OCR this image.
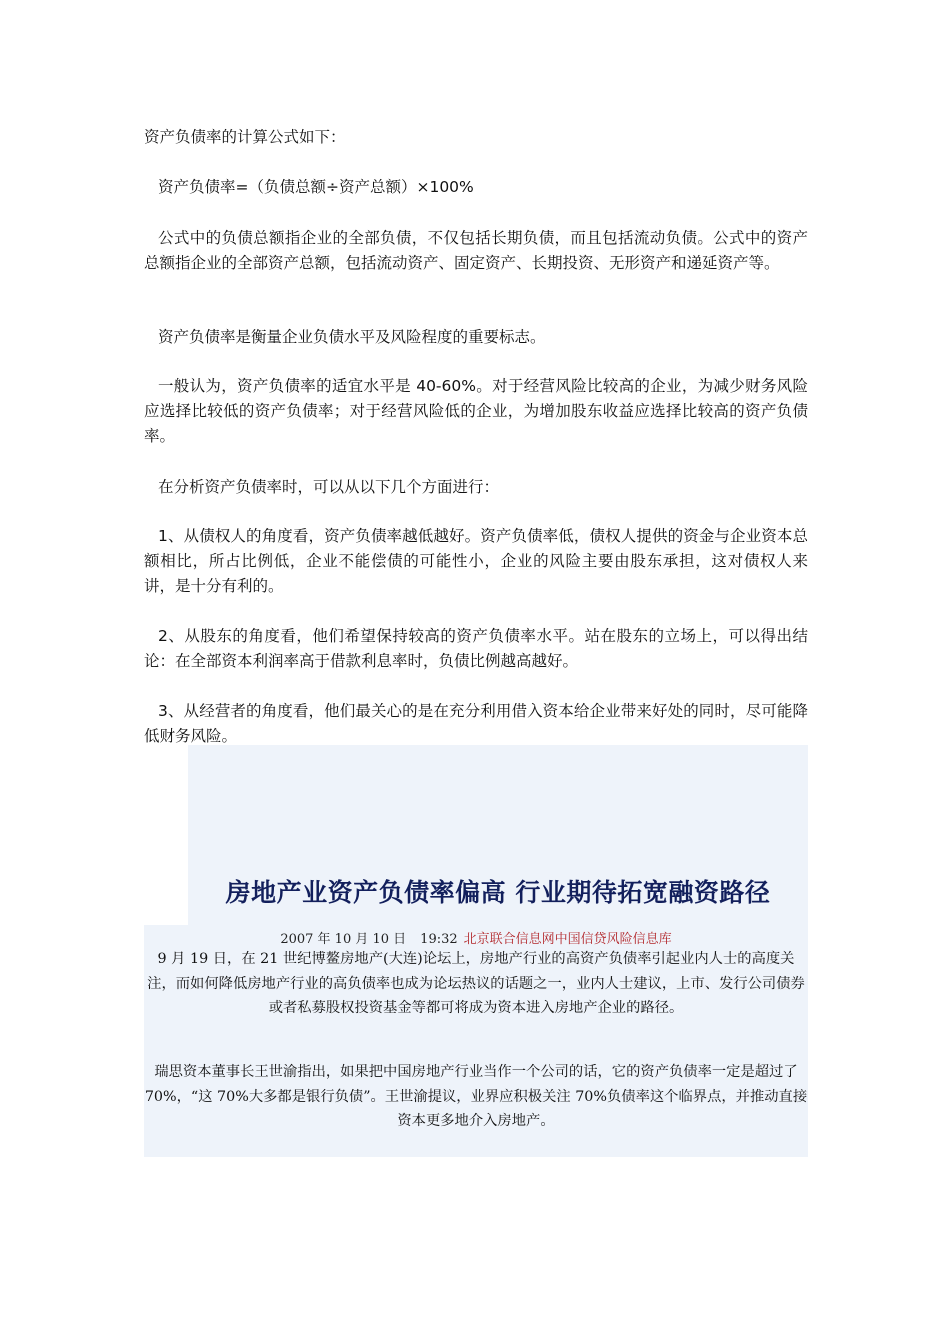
资产负债率的计算公式如下：

资产负债率=（负债总额÷资产总额）×100%

公式中的负债总额指企业的全部负债，不仅包括长期负债，而且包括流动负债。公式中的资产总额指企业的全部资产总额，包括流动资产、固定资产、长期投资、无形资产和递延资产等。

资产负债率是衡量企业负债水平及风险程度的重要标志。

一般认为，资产负债率的适宜水平是 40-60%。对于经营风险比较高的企业，为减少财务风险应选择比较低的资产负债率；对于经营风险低的企业，为增加股东收益应选择比较高的资产负债率。

在分析资产负债率时，可以从以下几个方面进行：

1、从债权人的角度看，资产负债率越低越好。资产负债率低，债权人提供的资金与企业资本总额相比，所占比例低，企业不能偿债的可能性小，企业的风险主要由股东承担，这对债权人来讲，是十分有利的。

2、从股东的角度看，他们希望保持较高的资产负债率水平。站在股东的立场上，可以得出结论：在全部资本利润率高于借款利息率时，负债比例越高越好。

3、从经营者的角度看，他们最关心的是在充分利用借入资本给企业带来好处的同时，尽可能降低财务风险。

房地产业资产负债率偏高 行业期待拓宽融资路径
2007 年 10 月 10 日 19:32 北京联合信息网中国信贷风险信息库

9 月 19 日，在 21 世纪博鳌房地产(大连)论坛上，房地产行业的高资产负债率引起业内人士的高度关注，而如何降低房地产行业的高负债率也成为论坛热议的话题之一，业内人士建议，上市、发行公司债券或者私募股权投资基金等都可将成为资本进入房地产企业的路径。

瑞思资本董事长王世渝指出，如果把中国房地产行业当作一个公司的话，它的资产负债率一定是超过了 70%，“这 70%大多都是银行负债”。王世渝提议，业界应积极关注 70%负债率这个临界点，并推动直接资本更多地介入房地产。
